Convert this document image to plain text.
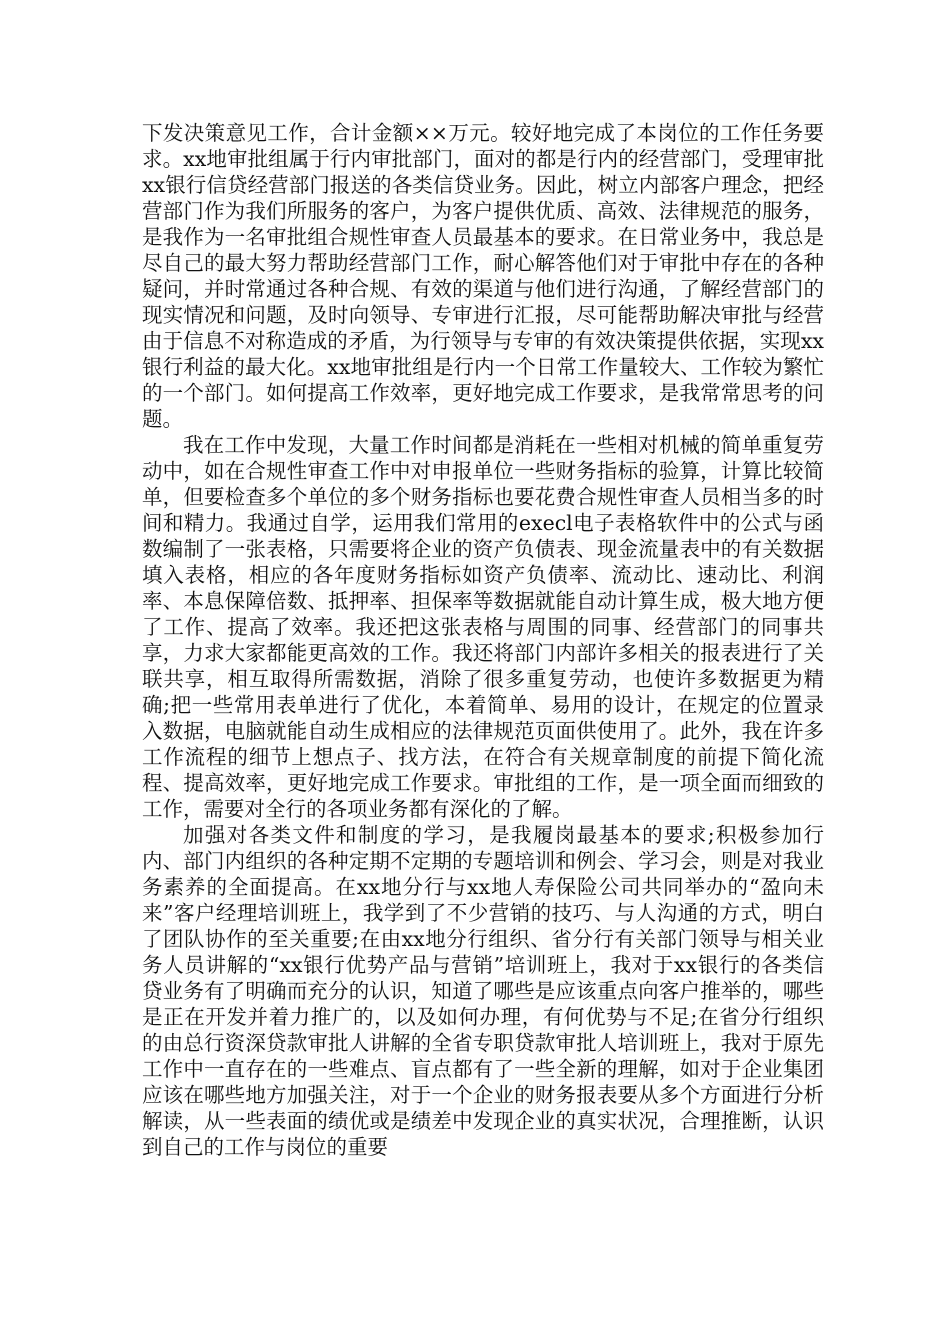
下发决策意见工作，合计金额××万元。较好地完成了本岗位的工作任务要求。xx地审批组属于行内审批部门，面对的都是行内的经营部门，受理审批xx银行信贷经营部门报送的各类信贷业务。因此，树立内部客户理念，把经营部门作为我们所服务的客户，为客户提供优质、高效、法律规范的服务，是我作为一名审批组合规性审查人员最基本的要求。在日常业务中，我总是尽自己的最大努力帮助经营部门工作，耐心解答他们对于审批中存在的各种疑问，并时常通过各种合规、有效的渠道与他们进行沟通，了解经营部门的现实情况和问题，及时向领导、专审进行汇报，尽可能帮助解决审批与经营由于信息不对称造成的矛盾，为行领导与专审的有效决策提供依据，实现xx银行利益的最大化。xx地审批组是行内一个日常工作量较大、工作较为繁忙的一个部门。如何提高工作效率，更好地完成工作要求，是我常常思考的问题。

我在工作中发现，大量工作时间都是消耗在一些相对机械的简单重复劳动中，如在合规性审查工作中对申报单位一些财务指标的验算，计算比较简单，但要检查多个单位的多个财务指标也要花费合规性审查人员相当多的时间和精力。我通过自学，运用我们常用的execl电子表格软件中的公式与函数编制了一张表格，只需要将企业的资产负债表、现金流量表中的有关数据填入表格，相应的各年度财务指标如资产负债率、流动比、速动比、利润率、本息保障倍数、抵押率、担保率等数据就能自动计算生成，极大地方便了工作、提高了效率。我还把这张表格与周围的同事、经营部门的同事共享，力求大家都能更高效的工作。我还将部门内部许多相关的报表进行了关联共享，相互取得所需数据，消除了很多重复劳动，也使许多数据更为精确;把一些常用表单进行了优化，本着简单、易用的设计，在规定的位置录入数据，电脑就能自动生成相应的法律规范页面供使用了。此外，我在许多工作流程的细节上想点子、找方法，在符合有关规章制度的前提下简化流程、提高效率，更好地完成工作要求。审批组的工作，是一项全面而细致的工作，需要对全行的各项业务都有深化的了解。

加强对各类文件和制度的学习，是我履岗最基本的要求;积极参加行内、部门内组织的各种定期不定期的专题培训和例会、学习会，则是对我业务素养的全面提高。在xx地分行与xx地人寿保险公司共同举办的“盈向未来”客户经理培训班上，我学到了不少营销的技巧、与人沟通的方式，明白了团队协作的至关重要;在由xx地分行组织、省分行有关部门领导与相关业务人员讲解的“xx银行优势产品与营销”培训班上，我对于xx银行的各类信贷业务有了明确而充分的认识，知道了哪些是应该重点向客户推举的，哪些是正在开发并着力推广的，以及如何办理，有何优势与不足;在省分行组织的由总行资深贷款审批人讲解的全省专职贷款审批人培训班上，我对于原先工作中一直存在的一些难点、盲点都有了一些全新的理解，如对于企业集团应该在哪些地方加强关注，对于一个企业的财务报表要从多个方面进行分析解读，从一些表面的绩优或是绩差中发现企业的真实状况，合理推断，认识到自己的工作与岗位的重要
